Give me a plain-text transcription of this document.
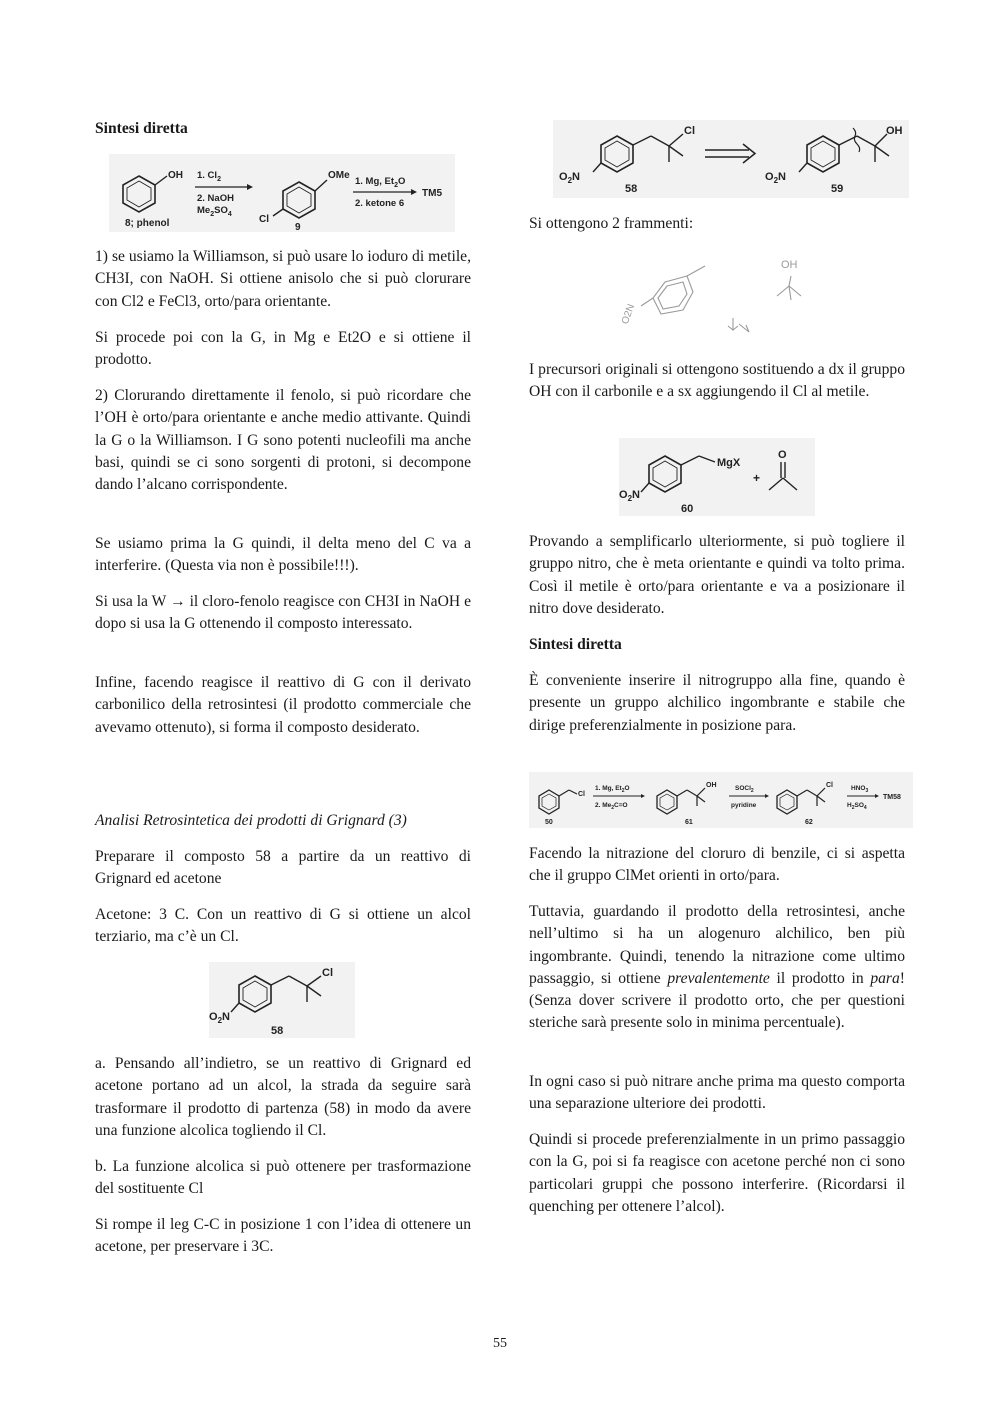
Sintesi diretta

OH
8; phenol
1. $Cl_2$
2. NaOH
$Me_2SO_4$
OMe
Cl
9
1. Mg, $Et_2O$
2. ketone 6
TM5

1) se usiamo la Williamson, si può usare lo ioduro di metile, CH3I, con NaOH. Si ottiene anisolo che si può clorurare con Cl2 e FeCl3, orto/para orientante.

Si procede poi con la G, in Mg e Et2O e si ottiene il prodotto.

2) Clorurando direttamente il fenolo, si può ricordare che l’OH è orto/para orientante e anche medio attivante. Quindi la G o la Williamson. I G sono potenti nucleofili ma anche basi, quindi se ci sono sorgenti di protoni, si decompone dando l’alcano corrispondente.

Se usiamo prima la G quindi, il delta meno del C va a interferire. (Questa via non è possibile!!!).

Si usa la W → il cloro-fenolo reagisce con CH3I in NaOH e dopo si usa la G ottenendo il composto interessato.

Infine, facendo reagisce il reattivo di G con il derivato carbonilico della retrosintesi (il prodotto commerciale che avevamo ottenuto), si forma il composto desiderato.

Analisi Retrosintetica dei prodotti di Grignard (3)

Preparare il composto 58 a partire da un reattivo di Grignard ed acetone

Acetone: 3 C. Con un reattivo di G si ottiene un alcol terziario, ma c’è un Cl.

Cl
$O_2N$
58

a. Pensando all’indietro, se un reattivo di Grignard ed acetone portano ad un alcol, la strada da seguire sarà trasformare il prodotto di partenza (58) in modo da avere una funzione alcolica togliendo il Cl.

b. La funzione alcolica si può ottenere per trasformazione del sostituente Cl

Si rompe il leg C-C in posizione 1 con l’idea di ottenere un acetone, per preservare i 3C.

Cl
$O_2N$
58
OH
$O_2N$
59

Si ottengono 2 frammenti:

OH
O2N

I precursori originali si ottengono sostituendo a dx il gruppo OH con il carbonile e a sx aggiungendo il Cl al metile.

MgX
$O_2N$
60
+
O

Provando a semplificarlo ulteriormente, si può togliere il gruppo nitro, che è meta orientante e quindi va tolto prima. Così il metile è orto/para orientante e va a posizionare il nitro dove desiderato.

Sintesi diretta

È conveniente inserire il nitrogruppo alla fine, quando è presente un gruppo alchilico ingombrante e stabile che dirige preferenzialmente in posizione para.

Cl
50
1. Mg, $Et_2O$
2. $Me_2C=O$
OH
61
SOCl$_2$
pyridine
Cl
62
$HNO_3$
$H_2SO_4$
TM58

Facendo la nitrazione del cloruro di benzile, ci si aspetta che il gruppo ClMet orienti in orto/para.

Tuttavia, guardando il prodotto della retrosintesi, anche nell’ultimo si ha un alogenuro alchilico, ben più ingombrante. Quindi, tenendo la nitrazione come ultimo passaggio, si ottiene prevalentemente il prodotto in para! (Senza dover scrivere il prodotto orto, che per questioni steriche sarà presente solo in minima percentuale).

In ogni caso si può nitrare anche prima ma questo comporta una separazione ulteriore dei prodotti.

Quindi si procede preferenzialmente in un primo passaggio con la G, poi si fa reagisce con acetone perché non ci sono particolari gruppi che possono interferire. (Ricordarsi il quenching per ottenere l’alcol).

55
